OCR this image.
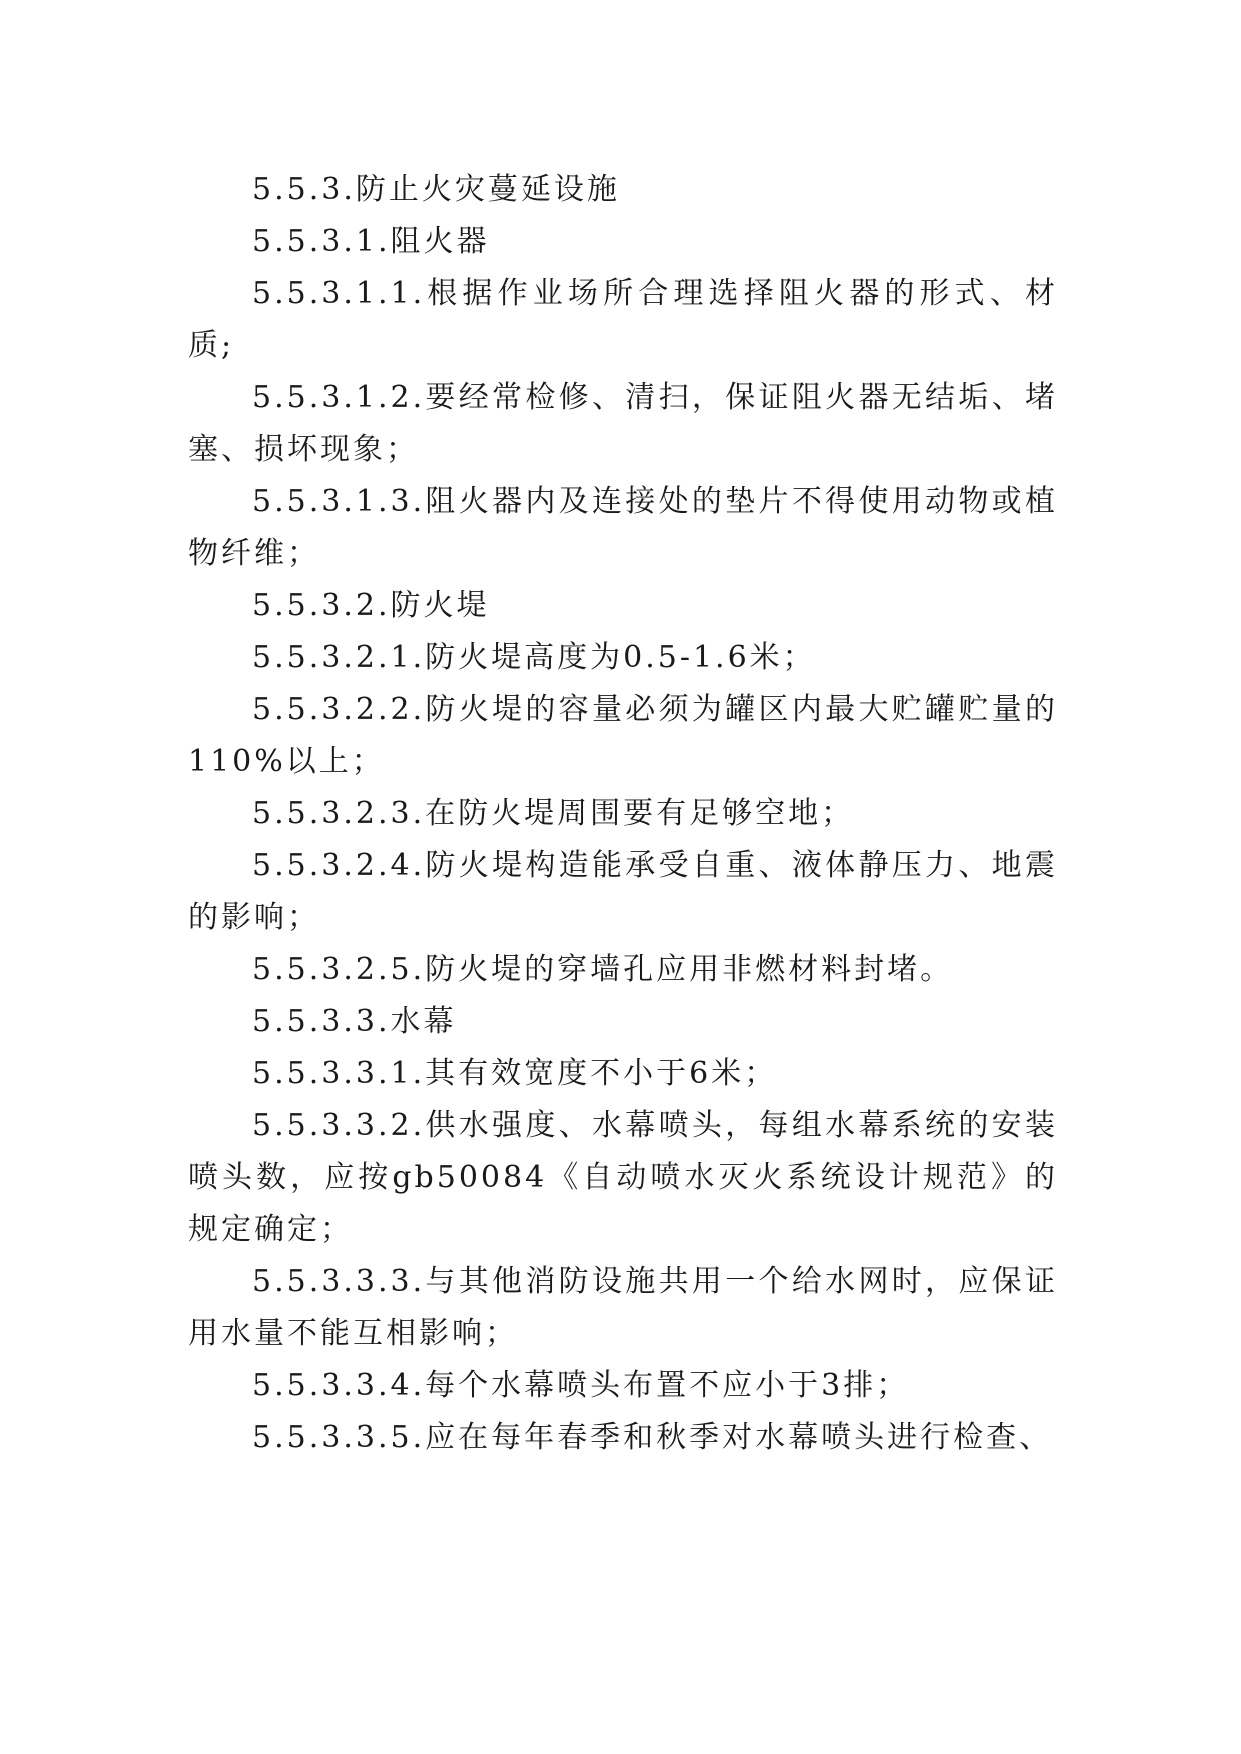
5.5.3.防止火灾蔓延设施

5.5.3.1.阻火器

5.5.3.1.1.根据作业场所合理选择阻火器的形式、材质;

5.5.3.1.2.要经常检修、清扫，保证阻火器无结垢、堵塞、损坏现象；

5.5.3.1.3.阻火器内及连接处的垫片不得使用动物或植物纤维；

5.5.3.2.防火堤

5.5.3.2.1.防火堤高度为0.5-1.6米；

5.5.3.2.2.防火堤的容量必须为罐区内最大贮罐贮量的110%以上；

5.5.3.2.3.在防火堤周围要有足够空地；

5.5.3.2.4.防火堤构造能承受自重、液体静压力、地震的影响；

5.5.3.2.5.防火堤的穿墙孔应用非燃材料封堵。

5.5.3.3.水幕

5.5.3.3.1.其有效宽度不小于6米；

5.5.3.3.2.供水强度、水幕喷头，每组水幕系统的安装喷头数，应按gb50084《自动喷水灭火系统设计规范》的规定确定；

5.5.3.3.3.与其他消防设施共用一个给水网时，应保证用水量不能互相影响；

5.5.3.3.4.每个水幕喷头布置不应小于3排；

5.5.3.3.5.应在每年春季和秋季对水幕喷头进行检查、
